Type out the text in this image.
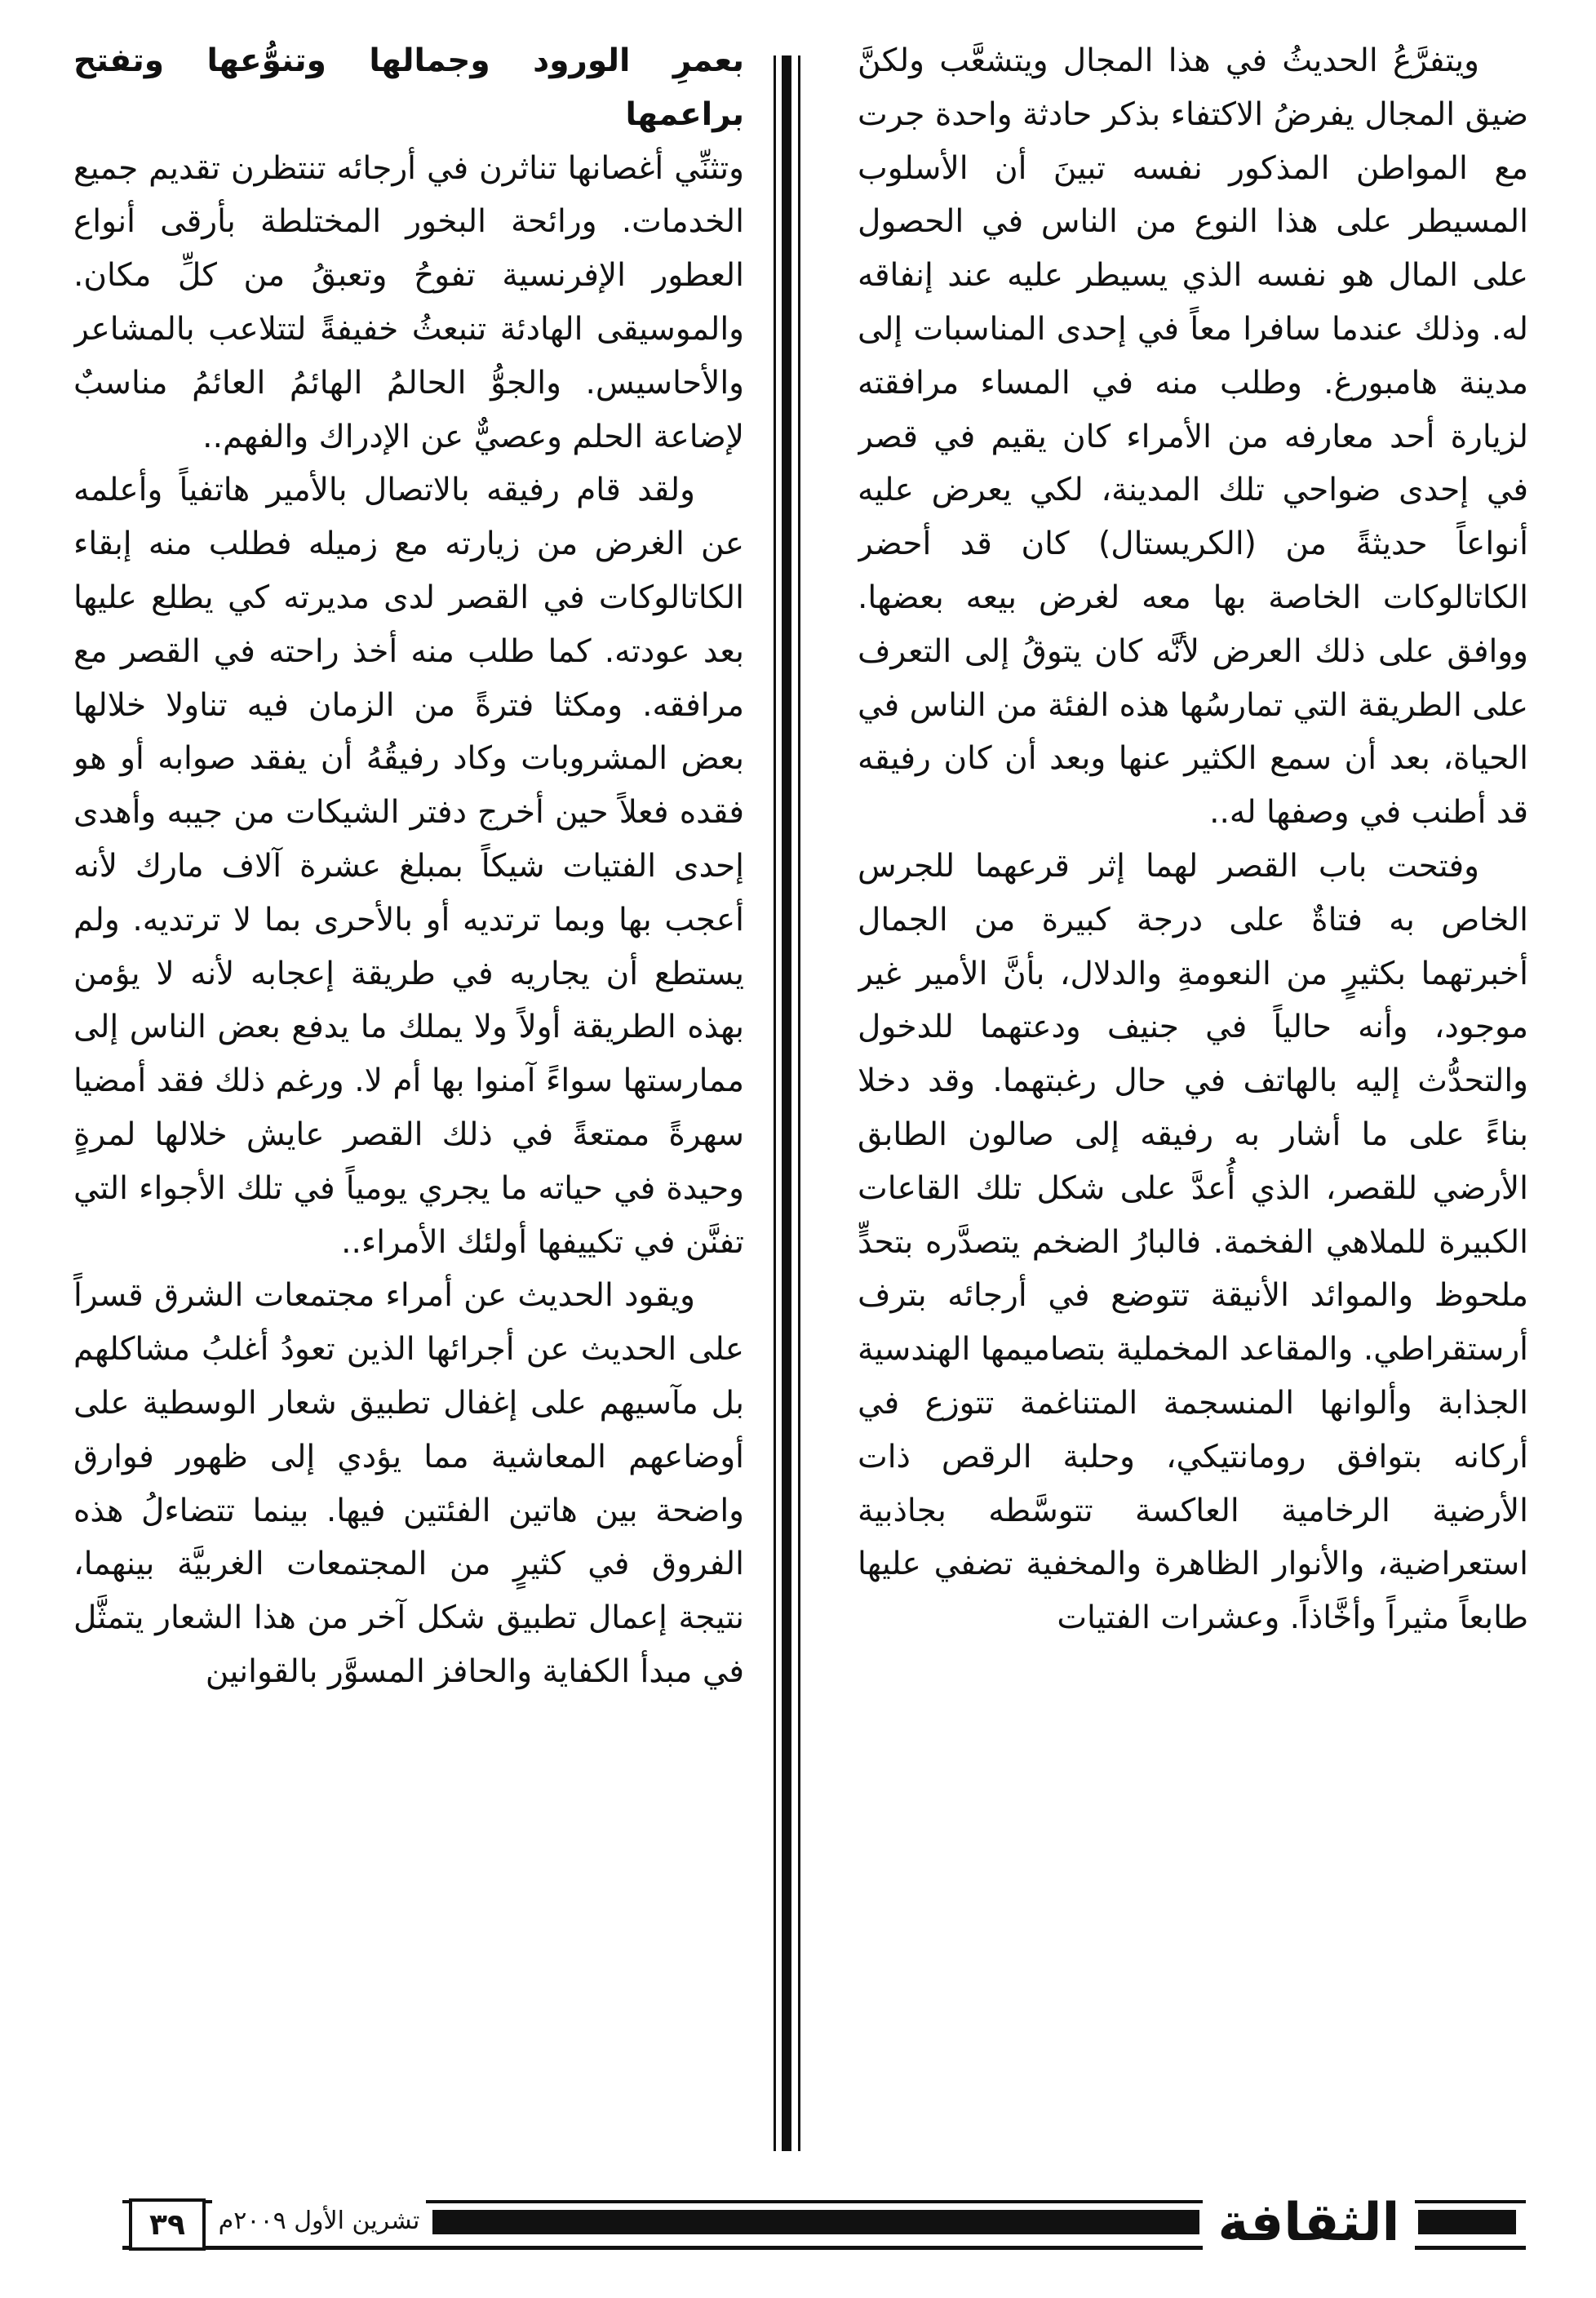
ويتفرَّعُ الحديثُ في هذا المجال ويتشعَّب ولكنَّ ضيق المجال يفرضُ الاكتفاء بذكر حادثة واحدة جرت مع المواطن المذكور نفسه تبينَ أن الأسلوب المسيطر على هذا النوع من الناس في الحصول على المال هو نفسه الذي يسيطر عليه عند إنفاقه له. وذلك عندما سافرا معاً في إحدى المناسبات إلى مدينة هامبورغ. وطلب منه في المساء مرافقته لزيارة أحد معارفه من الأمراء كان يقيم في قصر في إحدى ضواحي تلك المدينة، لكي يعرض عليه أنواعاً حديثةً من (الكريستال) كان قد أحضر الكاتالوكات الخاصة بها معه لغرض بيعه بعضها. ووافق على ذلك العرض لأنَّه كان يتوقُ إلى التعرف على الطريقة التي تمارسُها هذه الفئة من الناس في الحياة، بعد أن سمع الكثير عنها وبعد أن كان رفيقه قد أطنب في وصفها له..

وفتحت باب القصر لهما إثر قرعهما للجرس الخاص به فتاةٌ على درجة كبيرة من الجمال أخبرتهما بكثيرٍ من النعومةِ والدلال، بأنَّ الأمير غير موجود، وأنه حالياً في جنيف ودعتهما للدخول والتحدُّث إليه بالهاتف في حال رغبتهما. وقد دخلا بناءً على ما أشار به رفيقه إلى صالون الطابق الأرضي للقصر، الذي أُعدَّ على شكل تلك القاعات الكبيرة للملاهي الفخمة. فالبارُ الضخم يتصدَّره بتحدٍّ ملحوظ والموائد الأنيقة تتوضع في أرجائه بترف أرستقراطي. والمقاعد المخملية بتصاميمها الهندسية الجذابة وألوانها المنسجمة المتناغمة تتوزع في أركانه بتوافق رومانتيكي، وحلبة الرقص ذات الأرضية الرخامية العاكسة تتوسَّطه بجاذبية استعراضية، والأنوار الظاهرة والمخفية تضفي عليها طابعاً مثيراً وأخَّاذاً. وعشرات الفتيات

بعمرِ الورود وجمالها وتنوُّعها وتفتح براعمها

وتثنِّي أغصانها تناثرن في أرجائه تنتظرن تقديم جميع الخدمات. ورائحة البخور المختلطة بأرقى أنواع العطور الإفرنسية تفوحُ وتعبقُ من كلِّ مكان. والموسيقى الهادئة تنبعثُ خفيفةً لتتلاعب بالمشاعر والأحاسيس. والجوُّ الحالمُ الهائمُ العائمُ مناسبٌ لإضاعة الحلم وعصيٌّ عن الإدراك والفهم..

ولقد قام رفيقه بالاتصال بالأمير هاتفياً وأعلمه عن الغرض من زيارته مع زميله فطلب منه إبقاء الكاتالوكات في القصر لدى مديرته كي يطلع عليها بعد عودته. كما طلب منه أخذ راحته في القصر مع مرافقه. ومكثا فترةً من الزمان فيه تناولا خلالها بعض المشروبات وكاد رفيقُهُ أن يفقد صوابه أو هو فقده فعلاً حين أخرج دفتر الشيكات من جيبه وأهدى إحدى الفتيات شيكاً بمبلغ عشرة آلاف مارك لأنه أعجب بها وبما ترتديه أو بالأحرى بما لا ترتديه. ولم يستطع أن يجاريه في طريقة إعجابه لأنه لا يؤمن بهذه الطريقة أولاً ولا يملك ما يدفع بعض الناس إلى ممارستها سواءً آمنوا بها أم لا. ورغم ذلك فقد أمضيا سهرةً ممتعةً في ذلك القصر عايش خلالها لمرةٍ وحيدة في حياته ما يجري يومياً في تلك الأجواء التي تفنَّن في تكييفها أولئك الأمراء..

ويقود الحديث عن أمراء مجتمعات الشرق قسراً على الحديث عن أجرائها الذين تعودُ أغلبُ مشاكلهم بل مآسيهم على إغفال تطبيق شعار الوسطية على أوضاعهم المعاشية مما يؤدي إلى ظهور فوارق واضحة بين هاتين الفئتين فيها. بينما تتضاءلُ هذه الفروق في كثيرٍ من المجتمعات الغربيَّة بينهما، نتيجة إعمال تطبيق شكل آخر من هذا الشعار يتمثَّل في مبدأ الكفاية والحافز المسوَّر بالقوانين

٣٩	تشرين الأول ٢٠٠٩م	الثقافة
